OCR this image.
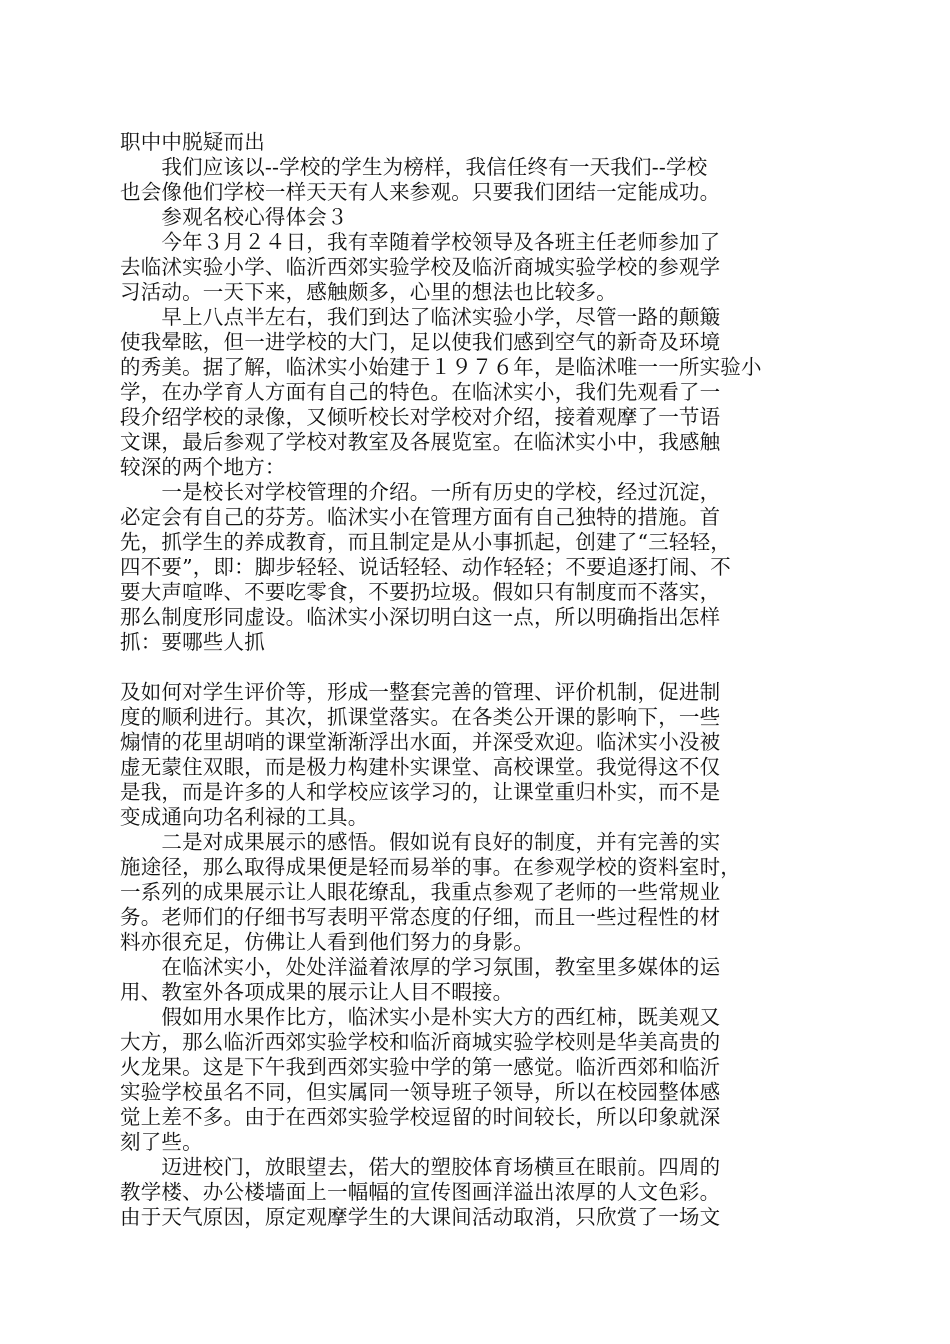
职中中脱疑而出
　　我们应该以--学校的学生为榜样，我信任终有一天我们--学校
也会像他们学校一样天天有人来参观。只要我们团结一定能成功。
　　参观名校心得体会３
　　今年３月２４日，我有幸随着学校领导及各班主任老师参加了
去临沭实验小学、临沂西郊实验学校及临沂商城实验学校的参观学
习活动。一天下来，感触颇多，心里的想法也比较多。
　　早上八点半左右，我们到达了临沭实验小学，尽管一路的颠簸
使我晕眩，但一进学校的大门，足以使我们感到空气的新奇及环境
的秀美。据了解，临沭实小始建于１９７６年，是临沭唯一一所实验小
学，在办学育人方面有自己的特色。在临沭实小，我们先观看了一
段介绍学校的录像，又倾听校长对学校对介绍，接着观摩了一节语
文课，最后参观了学校对教室及各展览室。在临沭实小中，我感触
较深的两个地方：
　　一是校长对学校管理的介绍。一所有历史的学校，经过沉淀，
必定会有自己的芬芳。临沭实小在管理方面有自己独特的措施。首
先，抓学生的养成教育，而且制定是从小事抓起，创建了“三轻轻，
四不要”，即：脚步轻轻、说话轻轻、动作轻轻；不要追逐打闹、不
要大声喧哗、不要吃零食，不要扔垃圾。假如只有制度而不落实，
那么制度形同虚设。临沭实小深切明白这一点，所以明确指出怎样
抓：要哪些人抓
及如何对学生评价等，形成一整套完善的管理、评价机制，促进制
度的顺利进行。其次，抓课堂落实。在各类公开课的影响下，一些
煽情的花里胡哨的课堂渐渐浮出水面，并深受欢迎。临沭实小没被
虚无蒙住双眼，而是极力构建朴实课堂、高校课堂。我觉得这不仅
是我，而是许多的人和学校应该学习的，让课堂重归朴实，而不是
变成通向功名利禄的工具。
　　二是对成果展示的感悟。假如说有良好的制度，并有完善的实
施途径，那么取得成果便是轻而易举的事。在参观学校的资料室时，
一系列的成果展示让人眼花缭乱，我重点参观了老师的一些常规业
务。老师们的仔细书写表明平常态度的仔细，而且一些过程性的材
料亦很充足，仿佛让人看到他们努力的身影。
　　在临沭实小，处处洋溢着浓厚的学习氛围，教室里多媒体的运
用、教室外各项成果的展示让人目不暇接。
　　假如用水果作比方，临沭实小是朴实大方的西红柿，既美观又
大方，那么临沂西郊实验学校和临沂商城实验学校则是华美高贵的
火龙果。这是下午我到西郊实验中学的第一感觉。临沂西郊和临沂
实验学校虽名不同，但实属同一领导班子领导，所以在校园整体感
觉上差不多。由于在西郊实验学校逗留的时间较长，所以印象就深
刻了些。
　　迈进校门，放眼望去，偌大的塑胶体育场横亘在眼前。四周的
教学楼、办公楼墙面上一幅幅的宣传图画洋溢出浓厚的人文色彩。
由于天气原因，原定观摩学生的大课间活动取消，只欣赏了一场文
